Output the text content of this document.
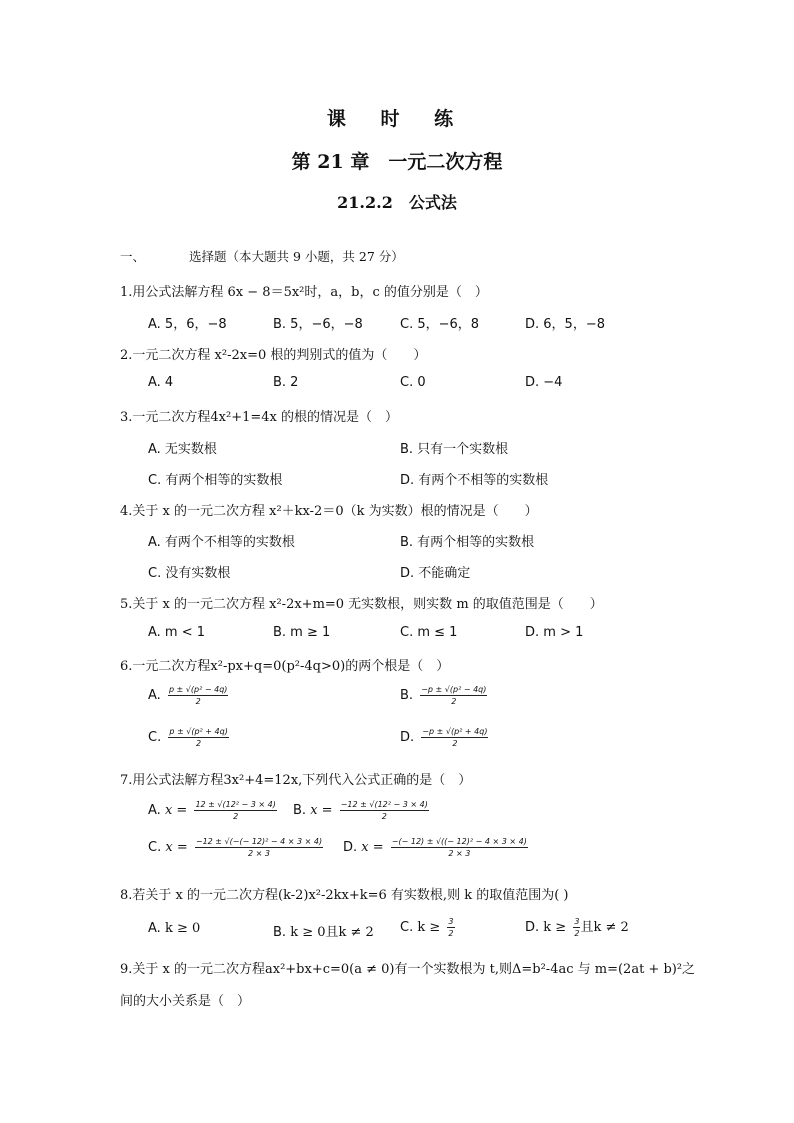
课 时 练
第 21 章　一元二次方程
21.2.2　公式法
一、	选择题（本大题共 9 小题，共 27 分）
1.用公式法解方程 6x − 8＝5x²时，a，b，c 的值分别是（　）
A. 5，6，−8	B. 5，−6，−8	C. 5，−6，8	D. 6，5，−8
2.一元二次方程 x²-2x=0 根的判别式的值为（　　）
A. 4	B. 2	C. 0	D. −4
3.一元二次方程4x²+1=4x 的根的情况是（　）
A. 无实数根	B. 只有一个实数根
C. 有两个相等的实数根	D. 有两个不相等的实数根
4.关于 x 的一元二次方程 x²＋kx-2＝0（k 为实数）根的情况是（　　）
A. 有两个不相等的实数根	B. 有两个相等的实数根
C. 没有实数根	D. 不能确定
5.关于 x 的一元二次方程 x²-2x+m=0 无实数根，则实数 m 的取值范围是（　　）
A. m < 1	B. m ≥ 1	C. m ≤ 1	D. m > 1
6.一元二次方程x²-px+q=0(p²-4q>0)的两个根是（　）
A. $\frac{\text{p ± √(p² − 4q)}}{2}$	B. $\frac{\text{−p ± √(p² − 4q)}}{2}$
C. $\frac{\text{p ± √(p² + 4q)}}{2}$	D. $\frac{\text{−p ± √(p² + 4q)}}{2}$
7.用公式法解方程3x²+4=12x,下列代入公式正确的是（　）
A. $x = \frac{\text{12 ± √(12² − 3 × 4)}}{2} B$. $x = \frac{\text{−12 ± √(12² − 3 × 4)}}{2}$
C. $x = \frac{\text{−12 ± √(−(− 12)² − 4 × 3 × 4)}}{2 \times 3} D$. $x = \frac{\text{−(− 12) ± √((− 12)² − 4 × 3 × 4)}}{2 \times 3}$
8.若关于 x 的一元二次方程(k-2)x²-2kx+k=6 有实数根,则 k 的取值范围为( )
A. k ≥ 0	B. k ≥ 0且k ≠ 2 C. $k \ge \frac{3}{2}$	D. $k \ge \frac{3}{2}$ 且k ≠ 2
9.关于 x 的一元二次方程ax²+bx+c=0(a ≠ 0)有一个实数根为 t,则Δ=b²-4ac 与 m=(2at + b)²之
间的大小关系是（　）
